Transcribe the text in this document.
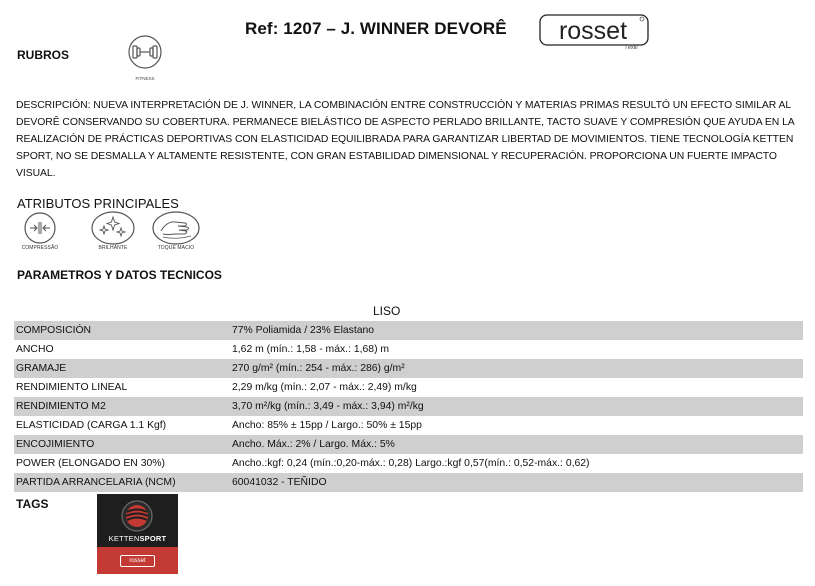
Ref: 1207 – J. WINNER DEVORÊ rosset
Têxtil
RUBROS
FITNESS
DESCRIPCIÓN: NUEVA INTERPRETACIÓN DE J. WINNER, LA COMBINACIÓN ENTRE CONSTRUCCIÓN Y MATERIAS PRIMAS RESULTÓ UN EFECTO SIMILAR AL DEVORÊ CONSERVANDO SU COBERTURA. PERMANECE BIELÁSTICO DE ASPECTO PERLADO BRILLANTE, TACTO SUAVE Y COMPRESIÓN QUE AYUDA EN LA REALIZACIÓN DE PRÁCTICAS DEPORTIVAS CON ELASTICIDAD EQUILIBRADA PARA GARANTIZAR LIBERTAD DE MOVIMIENTOS. TIENE TECNOLOGÍA KETTEN SPORT, NO SE DESMALLA Y ALTAMENTE RESISTENTE, CON GRAN ESTABILIDAD DIMENSIONAL Y RECUPERACIÓN. PROPORCIONA UN FUERTE IMPACTO VISUAL.
ATRIBUTOS PRINCIPALES
COMPRESSÃO	BRILHANTE	TOQUE MACIO
PARAMETROS Y DATOS TECNICOS
LISO
COMPOSICIÓN	77% Poliamida / 23% Elastano
ANCHO	1,62 m (mín.: 1,58 - máx.: 1,68) m
GRAMAJE	270 g/m² (mín.: 254 - máx.: 286) g/m²
RENDIMIENTO LINEAL	2,29 m/kg (mín.: 2,07 - máx.: 2,49) m/kg
RENDIMIENTO M2	3,70 m²/kg (mín.: 3,49 - máx.: 3,94) m²/kg
ELASTICIDAD (CARGA 1.1 Kgf)	Ancho: 85% ± 15pp / Largo.: 50% ± 15pp
ENCOJIMIENTO	Ancho. Máx.: 2% / Largo. Máx.: 5%
POWER (ELONGADO EN 30%)	Ancho.:kgf: 0,24 (mín.:0,20-máx.: 0,28) Largo.:kgf 0,57(mín.: 0,52-máx.: 0,62)
PARTIDA ARRANCELARIA (NCM)	60041032 - TEÑIDO
TAGS
KETTENSPORT
rosset
